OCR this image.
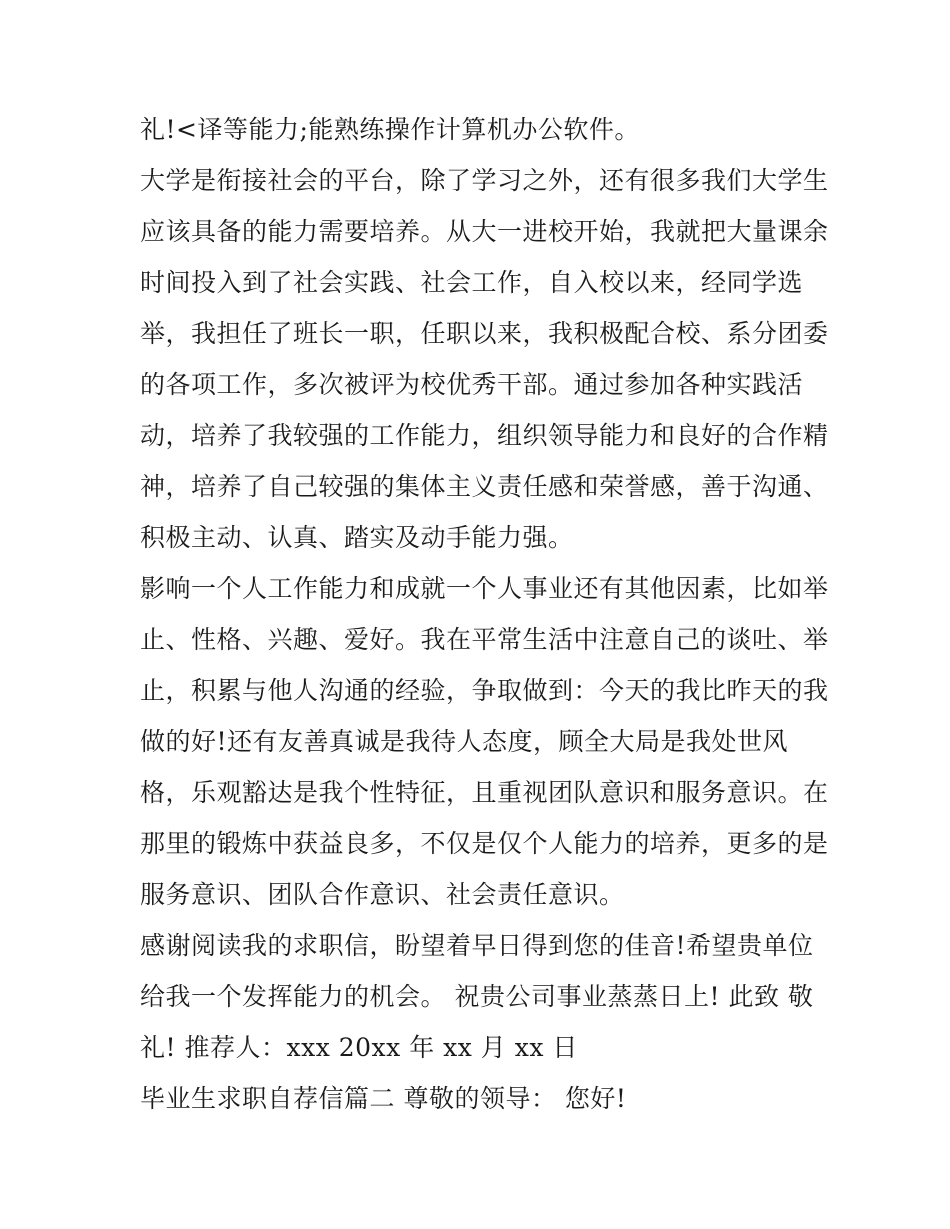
礼!<译等能力;能熟练操作计算机办公软件。
大学是衔接社会的平台，除了学习之外，还有很多我们大学生
应该具备的能力需要培养。从大一进校开始，我就把大量课余
时间投入到了社会实践、社会工作，自入校以来，经同学选
举，我担任了班长一职，任职以来，我积极配合校、系分团委
的各项工作，多次被评为校优秀干部。通过参加各种实践活
动，培养了我较强的工作能力，组织领导能力和良好的合作精
神，培养了自己较强的集体主义责任感和荣誉感，善于沟通、
积极主动、认真、踏实及动手能力强。
影响一个人工作能力和成就一个人事业还有其他因素，比如举
止、性格、兴趣、爱好。我在平常生活中注意自己的谈吐、举
止，积累与他人沟通的经验，争取做到：今天的我比昨天的我
做的好!还有友善真诚是我待人态度，顾全大局是我处世风
格，乐观豁达是我个性特征，且重视团队意识和服务意识。在
那里的锻炼中获益良多，不仅是仅个人能力的培养，更多的是
服务意识、团队合作意识、社会责任意识。
感谢阅读我的求职信，盼望着早日得到您的佳音!希望贵单位
给我一个发挥能力的机会。 祝贵公司事业蒸蒸日上! 此致 敬
礼! 推荐人：xxx 20xx 年 xx 月 xx 日
毕业生求职自荐信篇二 尊敬的领导： 您好!
